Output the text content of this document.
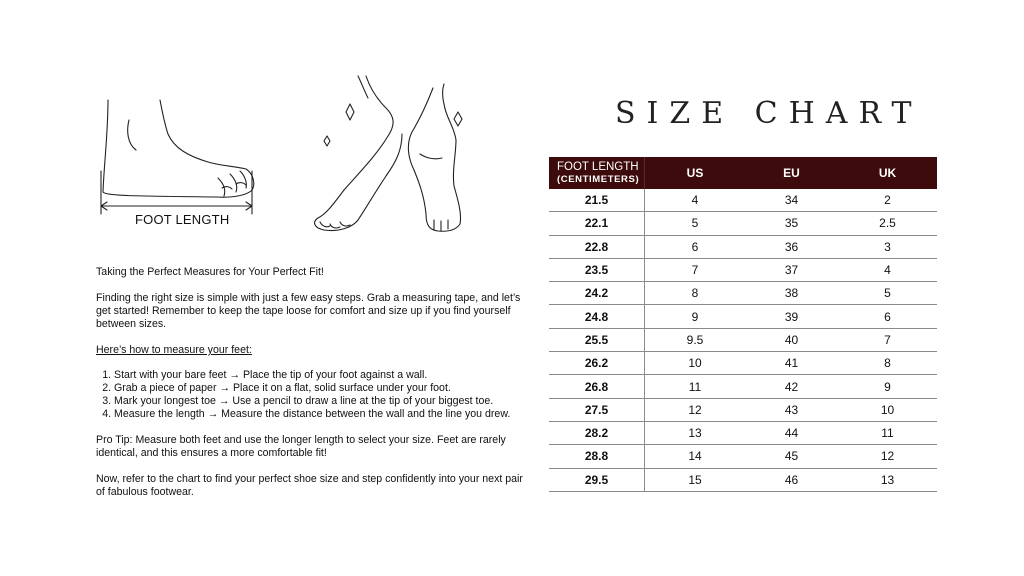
FOOT LENGTH

Taking the Perfect Measures for Your Perfect Fit!

Finding the right size is simple with just a few easy steps. Grab a measuring tape, and let’s get started! Remember to keep the tape loose for comfort and size up if you find yourself between sizes.

Here’s how to measure your feet:

1. Start with your bare feet → Place the tip of your foot against a wall.
2. Grab a piece of paper → Place it on a flat, solid surface under your foot.
3. Mark your longest toe → Use a pencil to draw a line at the tip of your biggest toe.
4. Measure the length → Measure the distance between the wall and the line you drew.

Pro Tip: Measure both feet and use the longer length to select your size. Feet are rarely identical, and this ensures a more comfortable fit!

Now, refer to the chart to find your perfect shoe size and step confidently into your next pair of fabulous footwear.

SIZE CHART
FOOT LENGTH
(CENTIMETERS)	US	EU	UK
21.5	4	34	2
22.1	5	35	2.5
22.8	6	36	3
23.5	7	37	4
24.2	8	38	5
24.8	9	39	6
25.5	9.5	40	7
26.2	10	41	8
26.8	11	42	9
27.5	12	43	10
28.2	13	44	11
28.8	14	45	12
29.5	15	46	13
